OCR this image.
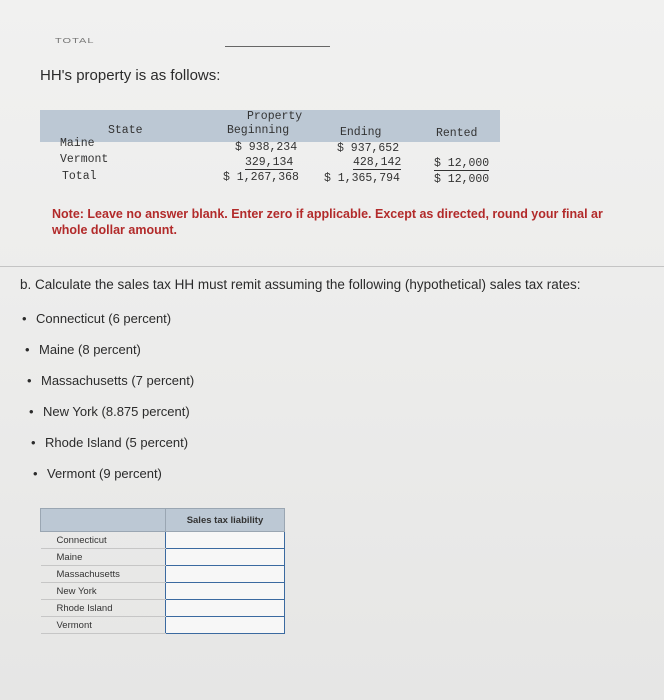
TOTAL
HH's property is as follows:
Property
State	Beginning	Ending	Rented
Maine	$ 938,234	$ 937,652
Vermont	329,134	428,142	$ 12,000
Total	$ 1,267,368 $ 1,365,794	$ 12,000
Note: Leave no answer blank. Enter zero if applicable. Except as directed, round your final ar
whole dollar amount.
b. Calculate the sales tax HH must remit assuming the following (hypothetical) sales tax rates:
• Connecticut (6 percent)
• Maine (8 percent)
• Massachusetts (7 percent)
• New York (8.875 percent)
• Rhode Island (5 percent)
• Vermont (9 percent)
	Sales tax liability
Connecticut	
Maine	
Massachusetts	
New York	
Rhode Island	
Vermont	
